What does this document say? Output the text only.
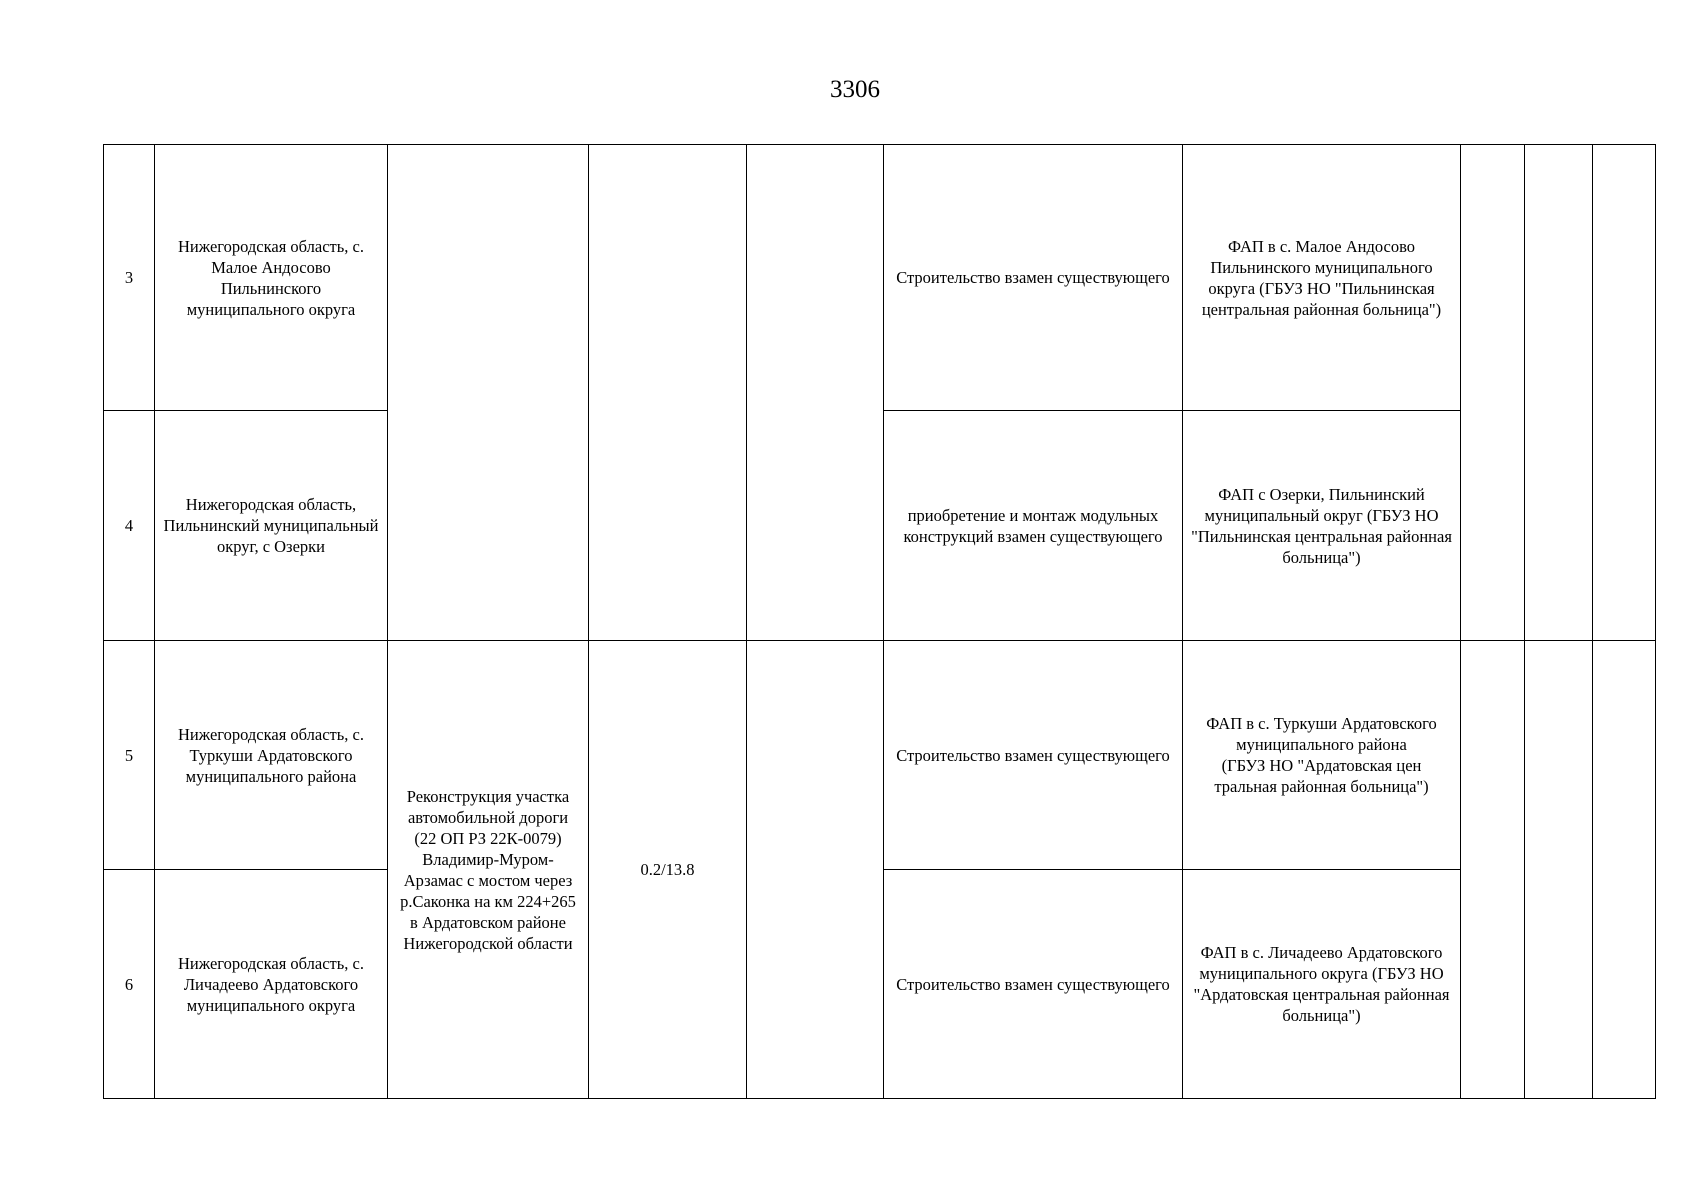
3306
3	Нижегородская область, с. Малое Андосово Пильнинского муниципального округа				Строительство взамен существующего	ФАП в с. Малое Андосово Пильнинского муниципального округа (ГБУЗ НО "Пильнинская центральная районная больница")			
4	Нижегородская область, Пильнинский муниципальный округ, с Озерки				приобретение и монтаж модульных конструкций взамен существующего	ФАП с Озерки, Пильнинский муниципальный округ (ГБУЗ НО "Пильнинская центральная районная больница")			
5	Нижегородская область, с. Туркуши Ардатовского муниципального района	Реконструкция участка автомобильной дороги (22 ОП РЗ 22К-0079) Владимир-Муром-Арзамас с мостом через р.Саконка на км 224+265 в Ардатовском районе Нижегородской области	0.2/13.8		Строительство взамен существующего	ФАП в с. Туркуши Ардатовского муниципального района
(ГБУЗ НО "Ардатовская цен тральная районная больница")			

6	Нижегородская область, с. Личадеево Ардатовского муниципального округа				Строительство взамен существующего	ФАП в с. Личадеево Ардатовского муниципального округа (ГБУЗ НО "Ардатовская центральная районная больница")			
